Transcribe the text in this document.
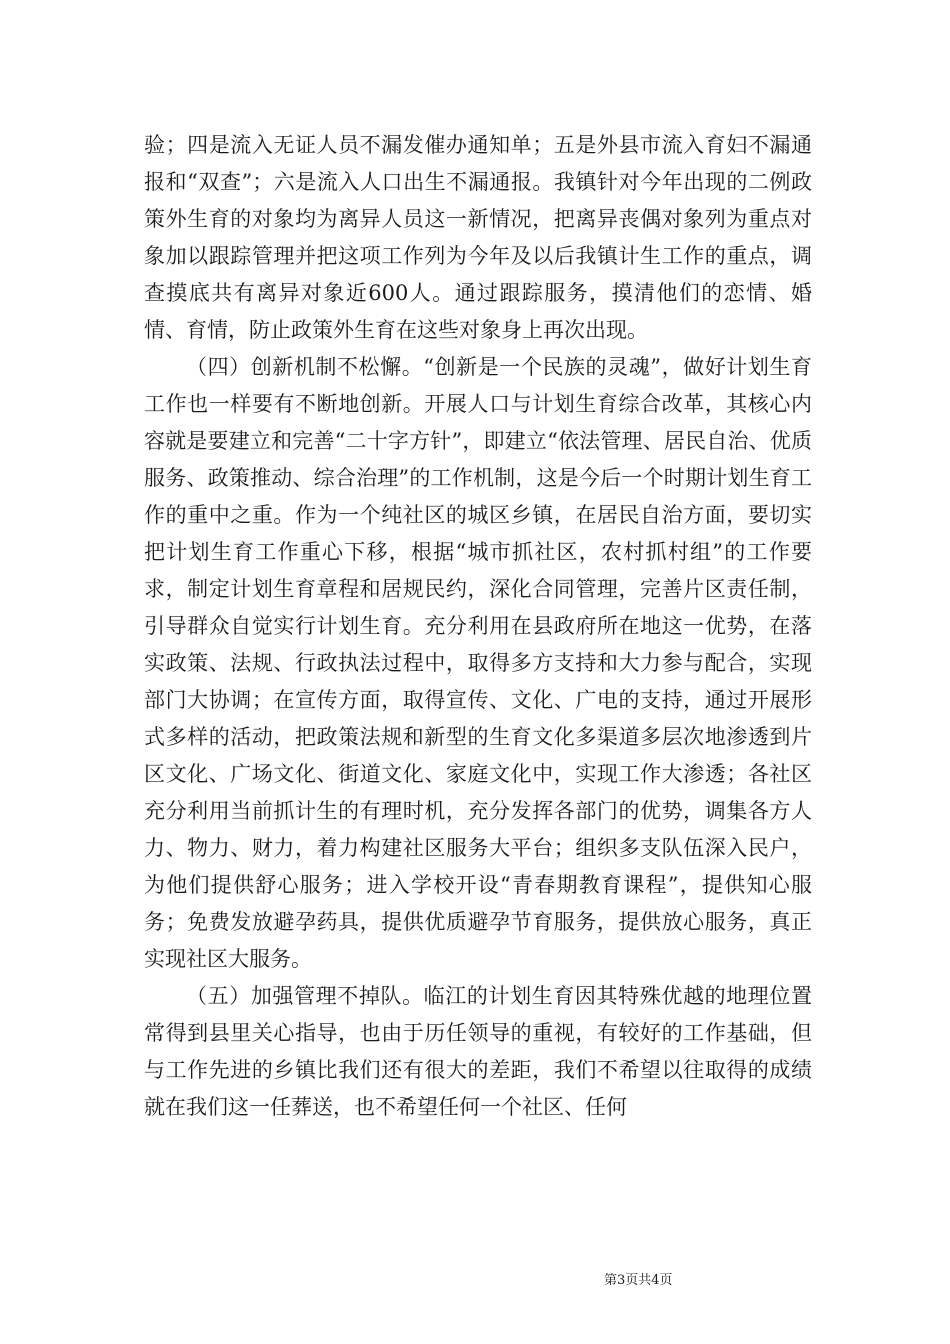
验；四是流入无证人员不漏发催办通知单；五是外县市流入育妇不漏通报和“双查”；六是流入人口出生不漏通报。我镇针对今年出现的二例政策外生育的对象均为离异人员这一新情况，把离异丧偶对象列为重点对象加以跟踪管理并把这项工作列为今年及以后我镇计生工作的重点，调查摸底共有离异对象近600人。通过跟踪服务，摸清他们的恋情、婚情、育情，防止政策外生育在这些对象身上再次出现。

（四）创新机制不松懈。“创新是一个民族的灵魂”，做好计划生育工作也一样要有不断地创新。开展人口与计划生育综合改革，其核心内容就是要建立和完善“二十字方针”，即建立“依法管理、居民自治、优质服务、政策推动、综合治理”的工作机制，这是今后一个时期计划生育工作的重中之重。作为一个纯社区的城区乡镇，在居民自治方面，要切实把计划生育工作重心下移，根据“城市抓社区，农村抓村组”的工作要求，制定计划生育章程和居规民约，深化合同管理，完善片区责任制，引导群众自觉实行计划生育。充分利用在县政府所在地这一优势，在落实政策、法规、行政执法过程中，取得多方支持和大力参与配合，实现部门大协调；在宣传方面，取得宣传、文化、广电的支持，通过开展形式多样的活动，把政策法规和新型的生育文化多渠道多层次地渗透到片区文化、广场文化、街道文化、家庭文化中，实现工作大渗透；各社区充分利用当前抓计生的有理时机，充分发挥各部门的优势，调集各方人力、物力、财力，着力构建社区服务大平台；组织多支队伍深入民户，为他们提供舒心服务；进入学校开设“青春期教育课程”，提供知心服务；免费发放避孕药具，提供优质避孕节育服务，提供放心服务，真正实现社区大服务。

（五）加强管理不掉队。临江的计划生育因其特殊优越的地理位置常得到县里关心指导，也由于历任领导的重视，有较好的工作基础，但与工作先进的乡镇比我们还有很大的差距，我们不希望以往取得的成绩就在我们这一任葬送，也不希望任何一个社区、任何

第3页共4页
